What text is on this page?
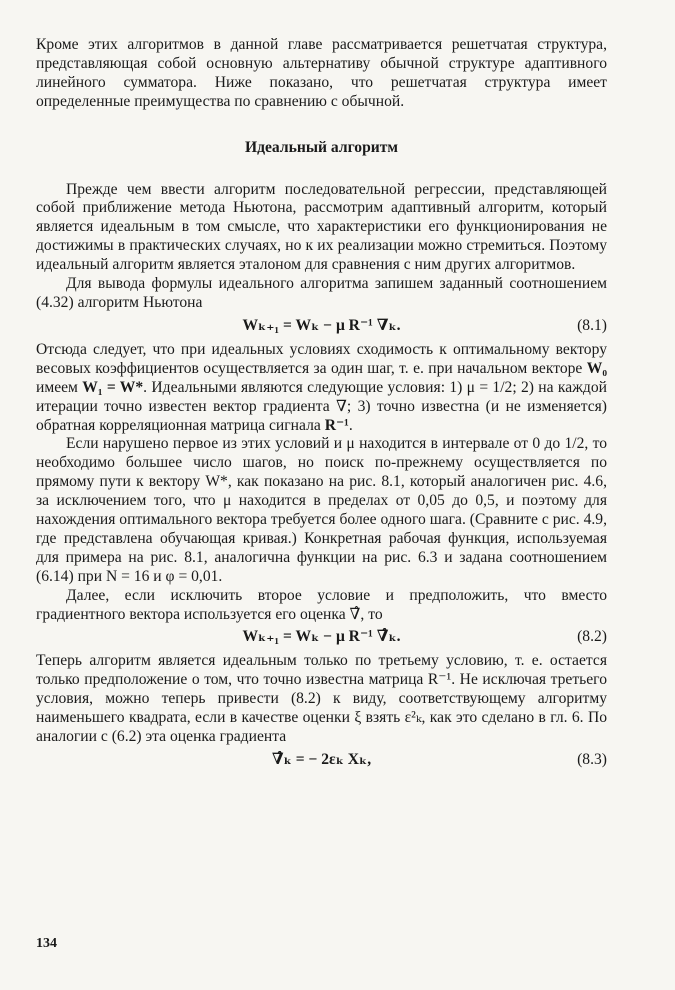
Кроме этих алгоритмов в данной главе рассматривается решетчатая структура, представляющая собой основную альтернативу обычной структуре адаптивного линейного сумматора. Ниже показано, что решетчатая структура имеет определенные преимущества по сравнению с обычной.

Идеальный алгоритм

Прежде чем ввести алгоритм последовательной регрессии, представляющей собой приближение метода Ньютона, рассмотрим адаптивный алгоритм, который является идеальным в том смысле, что характеристики его функционирования не достижимы в практических случаях, но к их реализации можно стремиться. Поэтому идеальный алгоритм является эталоном для сравнения с ним других алгоритмов.

Для вывода формулы идеального алгоритма запишем заданный соотношением (4.32) алгоритм Ньютона

Wₖ₊₁ = Wₖ − μ R⁻¹ ∇ₖ.	(8.1)

Отсюда следует, что при идеальных условиях сходимость к оптимальному вектору весовых коэффициентов осуществляется за один шаг, т. е. при начальном векторе W₀ имеем W₁ = W*. Идеальными являются следующие условия: 1) μ = 1/2; 2) на каждой итерации точно известен вектор градиента ∇; 3) точно известна (и не изменяется) обратная корреляционная матрица сигнала R⁻¹.

Если нарушено первое из этих условий и μ находится в интервале от 0 до 1/2, то необходимо большее число шагов, но поиск по-прежнему осуществляется по прямому пути к вектору W*, как показано на рис. 8.1, который аналогичен рис. 4.6, за исключением того, что μ находится в пределах от 0,05 до 0,5, и поэтому для нахождения оптимального вектора требуется более одного шага. (Сравните с рис. 4.9, где представлена обучающая кривая.) Конкретная рабочая функция, используемая для примера на рис. 8.1, аналогична функции на рис. 6.3 и задана соотношением (6.14) при N = 16 и φ = 0,01.

Далее, если исключить второе условие и предположить, что вместо градиентного вектора используется его оценка ∇̂, то

Wₖ₊₁ = Wₖ − μ R⁻¹ ∇̂ₖ.	(8.2)

Теперь алгоритм является идеальным только по третьему условию, т. е. остается только предположение о том, что точно известна матрица R⁻¹. Не исключая третьего условия, можно теперь привести (8.2) к виду, соответствующему алгоритму наименьшего квадрата, если в качестве оценки ξ взять ε²ₖ, как это сделано в гл. 6. По аналогии с (6.2) эта оценка градиента

∇̂ₖ = − 2εₖ Xₖ,	(8.3)
134
